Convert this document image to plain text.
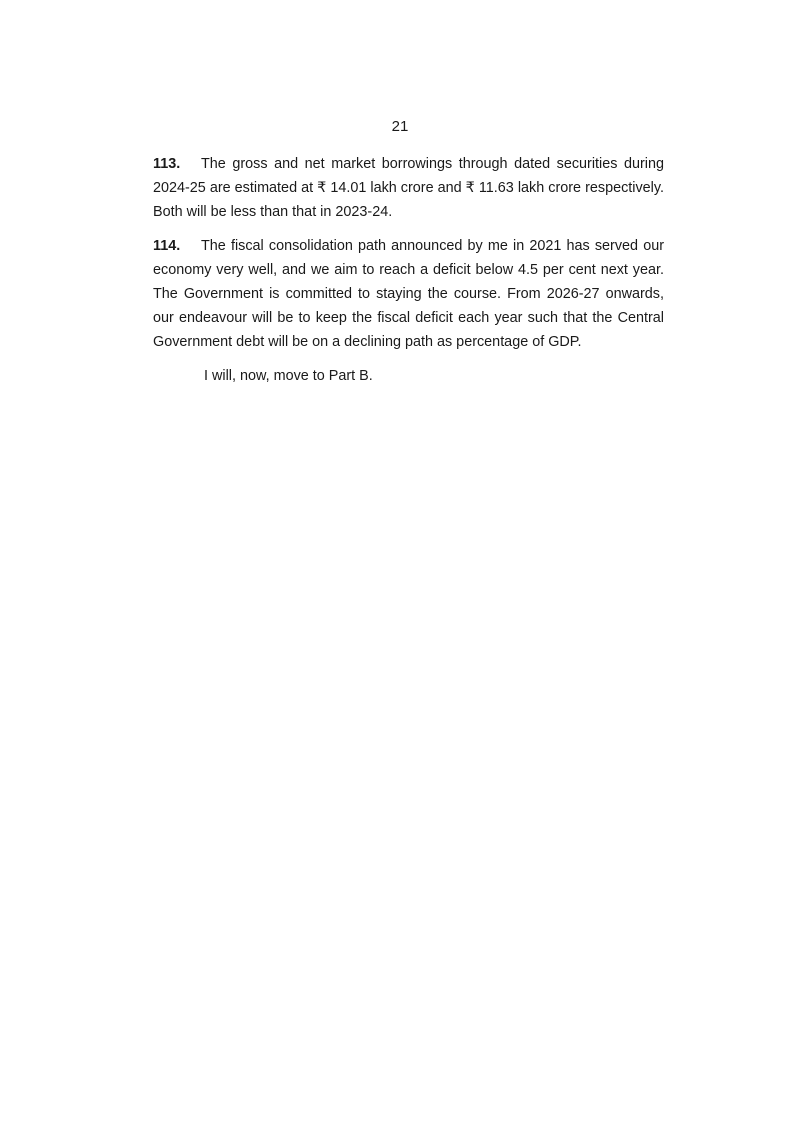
21

113. The gross and net market borrowings through dated securities during 2024-25 are estimated at ₹ 14.01 lakh crore and ₹ 11.63 lakh crore respectively. Both will be less than that in 2023-24.

114. The fiscal consolidation path announced by me in 2021 has served our economy very well, and we aim to reach a deficit below 4.5 per cent next year. The Government is committed to staying the course. From 2026-27 onwards, our endeavour will be to keep the fiscal deficit each year such that the Central Government debt will be on a declining path as percentage of GDP.

I will, now, move to Part B.
